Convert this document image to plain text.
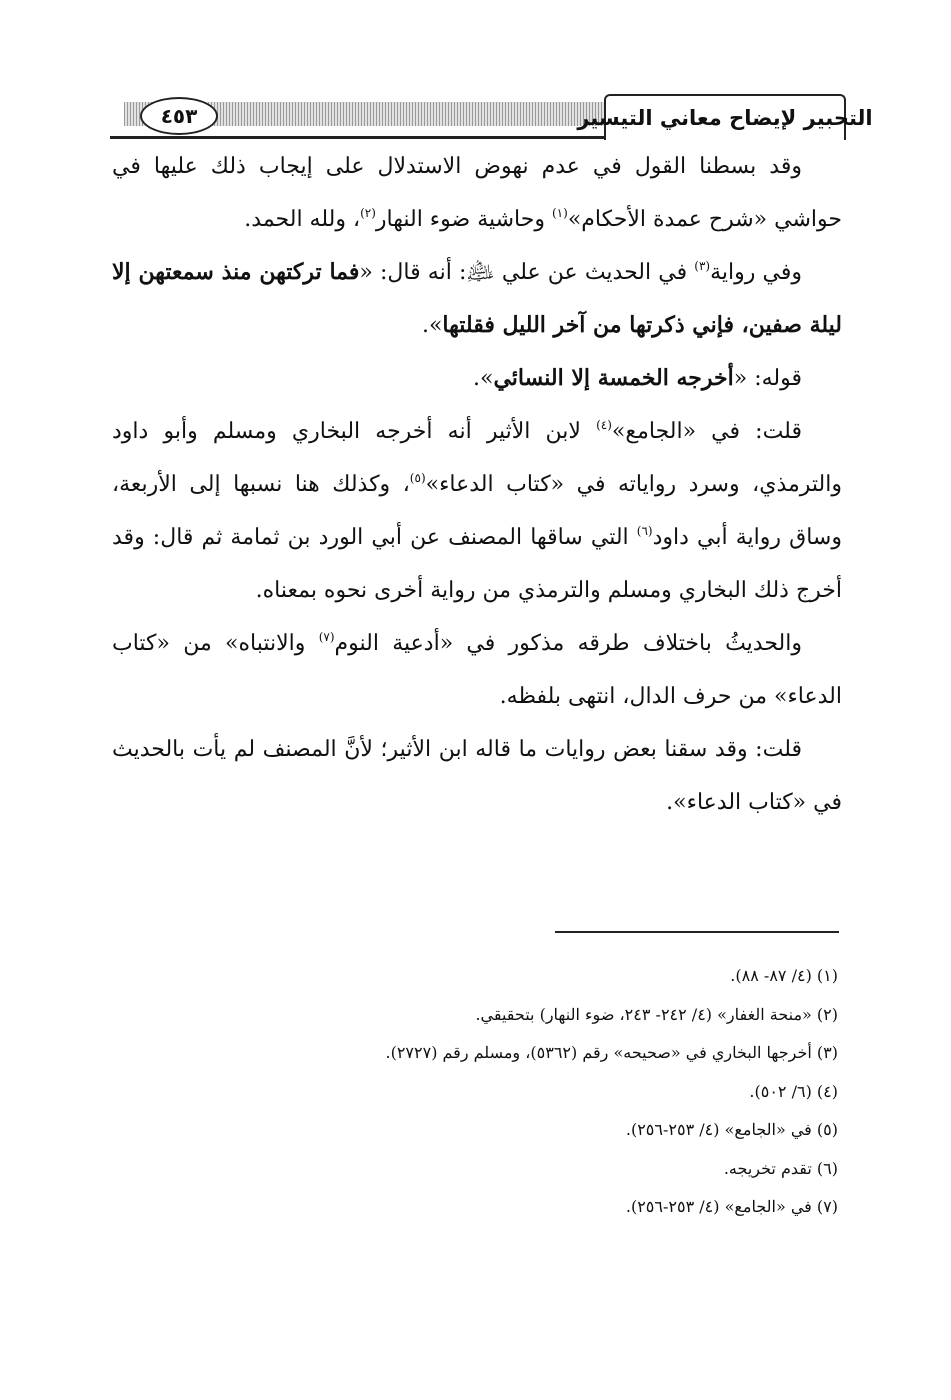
التحبير لإيضاح معاني التيسير
٤٥٣

وقد بسطنا القول في عدم نهوض الاستدلال على إيجاب ذلك عليها في حواشي «شرح عمدة الأحكام»$^{(١)}$ وحاشية ضوء النهار$^{(٢)}$، ولله الحمد.

وفي رواية$^{(٣)}$ في الحديث عن علي ﵇: أنه قال: «فما تركتهن منذ سمعتهن إلا ليلة صفين، فإني ذكرتها من آخر الليل فقلتها».

قوله: «أخرجه الخمسة إلا النسائي».

قلت: في «الجامع»$^{(٤)}$ لابن الأثير أنه أخرجه البخاري ومسلم وأبو داود والترمذي، وسرد رواياته في «كتاب الدعاء»$^{(٥)}$، وكذلك هنا نسبها إلى الأربعة، وساق رواية أبي داود$^{(٦)}$ التي ساقها المصنف عن أبي الورد بن ثمامة ثم قال: وقد أخرج ذلك البخاري ومسلم والترمذي من رواية أخرى نحوه بمعناه.

والحديثُ باختلاف طرقه مذكور في «أدعية النوم$^{(٧)}$ والانتباه» من «كتاب الدعاء» من حرف الدال، انتهى بلفظه.

قلت: وقد سقنا بعض روايات ما قاله ابن الأثير؛ لأنَّ المصنف لم يأت بالحديث في «كتاب الدعاء».

(١) (٤/ ٨٧- ٨٨).
(٢) «منحة الغفار» (٤/ ٢٤٢- ٢٤٣، ضوء النهار) بتحقيقي.
(٣) أخرجها البخاري في «صحيحه» رقم (٥٣٦٢)، ومسلم رقم (٢٧٢٧).
(٤) (٦/ ٥٠٢).
(٥) في «الجامع» (٤/ ٢٥٣-٢٥٦).
(٦) تقدم تخريجه.
(٧) في «الجامع» (٤/ ٢٥٣-٢٥٦).
